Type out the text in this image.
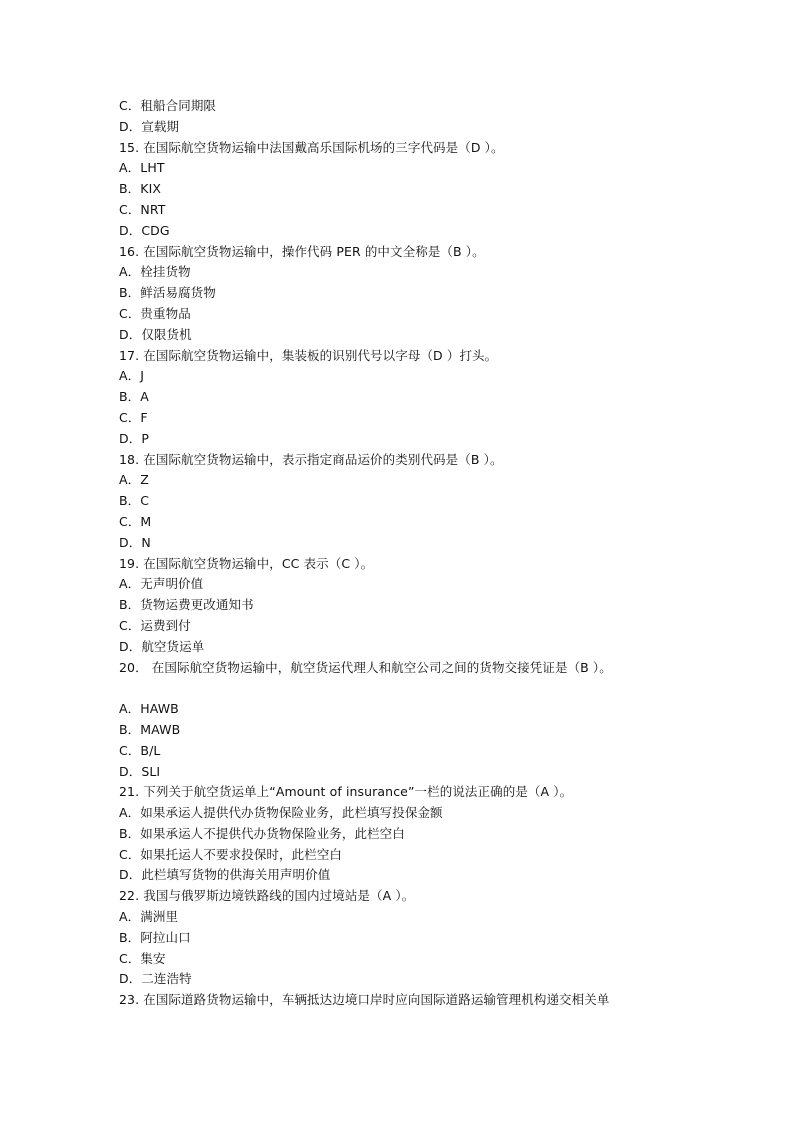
C．租船合同期限
D．宣载期
15. 在国际航空货物运输中法国戴高乐国际机场的三字代码是（D ）。
A．LHT
B．KIX
C．NRT
D．CDG
16. 在国际航空货物运输中，操作代码 PER 的中文全称是（B ）。
A．栓挂货物
B．鲜活易腐货物
C．贵重物品
D．仅限货机
17. 在国际航空货物运输中，集装板的识别代号以字母（D ）打头。
A．J
B．A
C．F
D．P
18. 在国际航空货物运输中，表示指定商品运价的类别代码是（B ）。
A．Z
B．C
C．M
D．N
19. 在国际航空货物运输中，CC 表示（C ）。
A．无声明价值
B．货物运费更改通知书
C．运费到付
D．航空货运单
20． 在国际航空货物运输中，航空货运代理人和航空公司之间的货物交接凭证是（B ）。
A．HAWB
B．MAWB
C．B/L
D．SLI
21. 下列关于航空货运单上“Amount of insurance”一栏的说法正确的是（A ）。
A．如果承运人提供代办货物保险业务，此栏填写投保金额
B．如果承运人不提供代办货物保险业务，此栏空白
C．如果托运人不要求投保时，此栏空白
D．此栏填写货物的供海关用声明价值
22. 我国与俄罗斯边境铁路线的国内过境站是（A ）。
A．满洲里
B．阿拉山口
C．集安
D．二连浩特
23. 在国际道路货物运输中，车辆抵达边境口岸时应向国际道路运输管理机构递交相关单
